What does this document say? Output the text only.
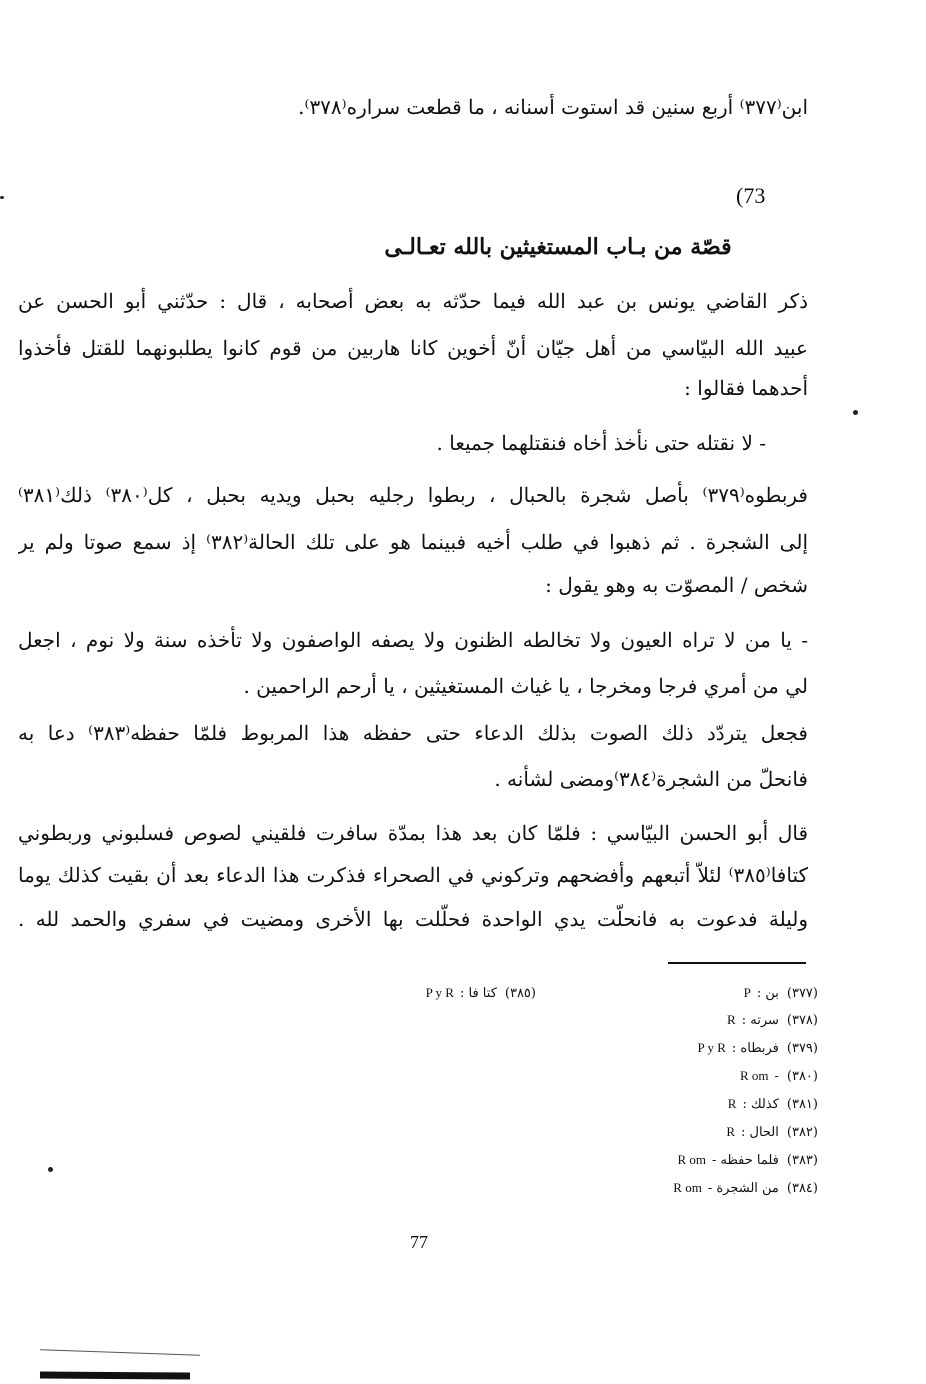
ابن⁽٣٧٧⁾ أربع سنين قد استوت أسنانه ، ما قطعت سراره⁽٣٧٨⁾.
(73
قصّة من بـاب المستغيثين بالله تعـالـى
ذكر القاضي يونس بن عبد الله فيما حدّثه به بعض أصحابه ، قال : حدّثني أبو الحسن عن
عبيد الله البيّاسي من أهل جيّان أنّ أخوين كانا هاربين من قوم كانوا يطلبونهما للقتل فأخذوا
أحدهما فقالوا :
- لا نقتله حتى نأخذ أخاه فنقتلهما جميعا .
فربطوه⁽٣٧٩⁾ بأصل شجرة بالحبال ، ربطوا رجليه بحبل ويديه بحبل ، كل⁽٣٨٠⁾ ذلك⁽٣٨١⁾
إلى الشجرة . ثم ذهبوا في طلب أخيه فبينما هو على تلك الحالة⁽٣٨٢⁾ إذ سمع صوتا ولم ير
شخص / المصوّت به وهو يقول :
- يا من لا تراه العيون ولا تخالطه الظنون ولا يصفه الواصفون ولا تأخذه سنة ولا نوم ، اجعل
لي من أمري فرجا ومخرجا ، يا غياث المستغيثين ، يا أرحم الراحمين .
فجعل يتردّد ذلك الصوت بذلك الدعاء حتى حفظه هذا المربوط فلمّا حفظه⁽٣٨٣⁾ دعا به
فانحلّ من الشجرة⁽٣٨٤⁾ومضى لشأنه .
قال أبو الحسن البيّاسي : فلمّا كان بعد هذا بمدّة سافرت فلقيني لصوص فسلبوني وربطوني
كتافا⁽٣٨٥⁾ لئلاّ أتبعهم وأفضحهم وتركوني في الصحراء فذكرت هذا الدعاء بعد أن بقيت كذلك يوما
وليلة فدعوت به فانحلّت يدي الواحدة فحلّلت بها الأخرى ومضيت في سفري والحمد لله .
(٣٧٧)بن :P
(٣٧٨)سرته :R
(٣٧٩)فربطاه :P y R
(٣٨٠)-R om
(٣٨١)كذلك :R
(٣٨٢)الحال :R
(٣٨٣)فلما حفظه -R om
(٣٨٤)من الشجرة -R om
(٣٨٥)كتا فا :P y R
77
